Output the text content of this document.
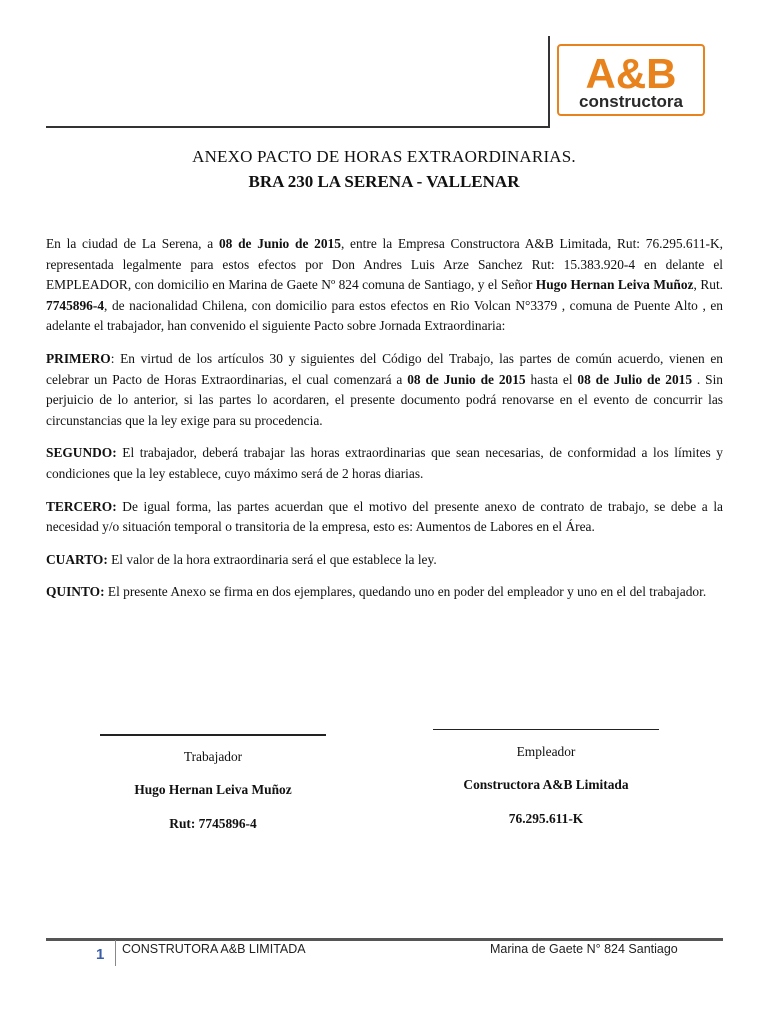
A&B
constructora
ANEXO PACTO DE HORAS EXTRAORDINARIAS.
BRA 230 LA SERENA - VALLENAR

En la ciudad de La Serena, a 08 de Junio de 2015, entre la Empresa Constructora A&B Limitada, Rut: 76.295.611-K, representada legalmente para estos efectos por Don Andres Luis Arze Sanchez Rut: 15.383.920-4 en delante el EMPLEADOR, con domicilio en Marina de Gaete Nº 824 comuna de Santiago, y el Señor Hugo Hernan Leiva Muñoz, Rut. 7745896-4, de nacionalidad Chilena, con domicilio para estos efectos en Rio Volcan N°3379 , comuna de Puente Alto , en adelante el trabajador, han convenido el siguiente Pacto sobre Jornada Extraordinaria:

PRIMERO: En virtud de los artículos 30 y siguientes del Código del Trabajo, las partes de común acuerdo, vienen en celebrar un Pacto de Horas Extraordinarias, el cual comenzará a 08 de Junio de 2015 hasta el 08 de Julio de 2015 . Sin perjuicio de lo anterior, si las partes lo acordaren, el presente documento podrá renovarse en el evento de concurrir las circunstancias que la ley exige para su procedencia.

SEGUNDO: El trabajador, deberá trabajar las horas extraordinarias que sean necesarias, de conformidad a los límites y condiciones que la ley establece, cuyo máximo será de 2 horas diarias.

TERCERO: De igual forma, las partes acuerdan que el motivo del presente anexo de contrato de trabajo, se debe a la necesidad y/o situación temporal o transitoria de la empresa, esto es: Aumentos de Labores en el Área.

CUARTO: El valor de la hora extraordinaria será el que establece la ley.

QUINTO: El presente Anexo se firma en dos ejemplares, quedando uno en poder del empleador y uno en el del trabajador.

Trabajador
Hugo Hernan Leiva Muñoz
Rut: 7745896-4
Empleador
Constructora A&B Limitada
76.295.611-K
1 CONSTRUTORA A&B LIMITADA	Marina de Gaete N° 824 Santiago
